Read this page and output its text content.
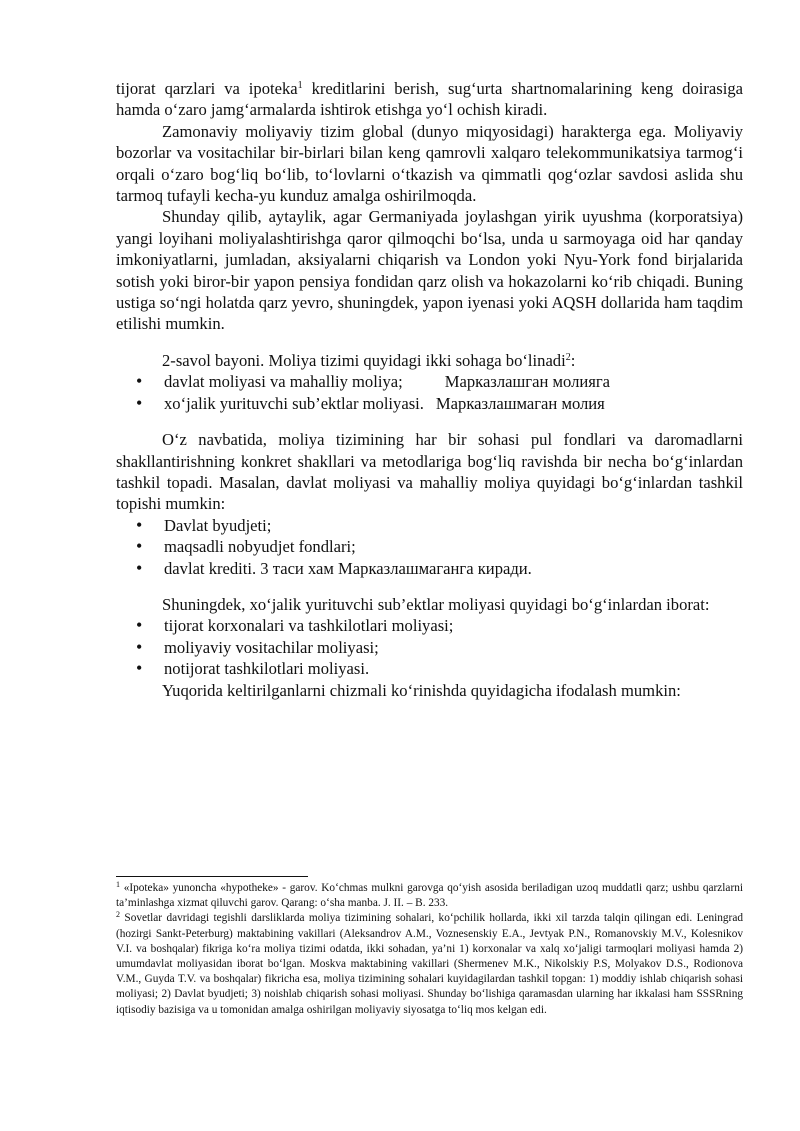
tijorat qarzlari va ipoteka$^1$ kreditlarini berish, sug‘urta shartnomalarining keng doirasiga hamda o‘zaro jamg‘armalarda ishtirok etishga yo‘l ochish kiradi.

Zamonaviy moliyaviy tizim global (dunyo miqyosidagi) harakterga ega. Moliyaviy bozorlar va vositachilar bir-birlari bilan keng qamrovli xalqaro telekommunikatsiya tarmog‘i orqali o‘zaro bog‘liq bo‘lib, to‘lovlarni o‘tkazish va qimmatli qog‘ozlar savdosi aslida shu tarmoq tufayli kecha-yu kunduz amalga oshirilmoqda.

Shunday qilib, aytaylik, agar Germaniyada joylashgan yirik uyushma (korporatsiya) yangi loyihani moliyalashtirishga qaror qilmoqchi bo‘lsa, unda u sarmoyaga oid har qanday imkoniyatlarni, jumladan, aksiyalarni chiqarish va London yoki Nyu-York fond birjalarida sotish yoki biror-bir yapon pensiya fondidan qarz olish va hokazolarni ko‘rib chiqadi. Buning ustiga so‘ngi holatda qarz yevro, shuningdek, yapon iyenasi yoki AQSH dollarida ham taqdim etilishi mumkin.

2-savol bayoni. Moliya tizimi quyidagi ikki sohaga bo‘linadi$^2$:

• davlat moliyasi va mahalliy moliya;	Марказлашган молияга
• xo‘jalik yurituvchi sub’ektlar moliyasi. Марказлашмаган молия

O‘z navbatida, moliya tizimining har bir sohasi pul fondlari va daromadlarni shakllantirishning konkret shakllari va metodlariga bog‘liq ravishda bir necha bo‘g‘inlardan tashkil topadi. Masalan, davlat moliyasi va mahalliy moliya quyidagi bo‘g‘inlardan tashkil topishi mumkin:

• Davlat byudjeti;
• maqsadli nobyudjet fondlari;
• davlat krediti. 3 таси хам Марказлашмаганга киради.

Shuningdek, xo‘jalik yurituvchi sub’ektlar moliyasi quyidagi bo‘g‘inlardan iborat:

• tijorat korxonalari va tashkilotlari moliyasi;
• moliyaviy vositachilar moliyasi;
• notijorat tashkilotlari moliyasi.

Yuqorida keltirilganlarni chizmali ko‘rinishda quyidagicha ifodalash mumkin:

$^1$ «Ipoteka» yunoncha «hypotheke» - garov. Ko‘chmas mulkni garovga qo‘yish asosida beriladigan uzoq muddatli qarz; ushbu qarzlarni ta’minlashga xizmat qiluvchi garov. Qarang: o‘sha manba. J. II. – B. 233.

$^2$ Sovetlar davridagi tegishli darsliklarda moliya tizimining sohalari, ko‘pchilik hollarda, ikki xil tarzda talqin qilingan edi. Leningrad (hozirgi Sankt-Peterburg) maktabining vakillari (Aleksandrov A.M., Voznesenskiy E.A., Jevtyak P.N., Romanovskiy M.V., Kolesnikov V.I. va boshqalar) fikriga ko‘ra moliya tizimi odatda, ikki sohadan, ya’ni 1) korxonalar va xalq xo‘jaligi tarmoqlari moliyasi hamda 2) umumdavlat moliyasidan iborat bo‘lgan. Moskva maktabining vakillari (Shermenev M.K., Nikolskiy P.S, Molyakov D.S., Rodionova V.M., Guyda T.V. va boshqalar) fikricha esa, moliya tizimining sohalari kuyidagilardan tashkil topgan: 1) moddiy ishlab chiqarish sohasi moliyasi; 2) Davlat byudjeti; 3) noishlab chiqarish sohasi moliyasi. Shunday bo‘lishiga qaramasdan ularning har ikkalasi ham SSSRning iqtisodiy bazisiga va u tomonidan amalga oshirilgan moliyaviy siyosatga to‘liq mos kelgan edi.
